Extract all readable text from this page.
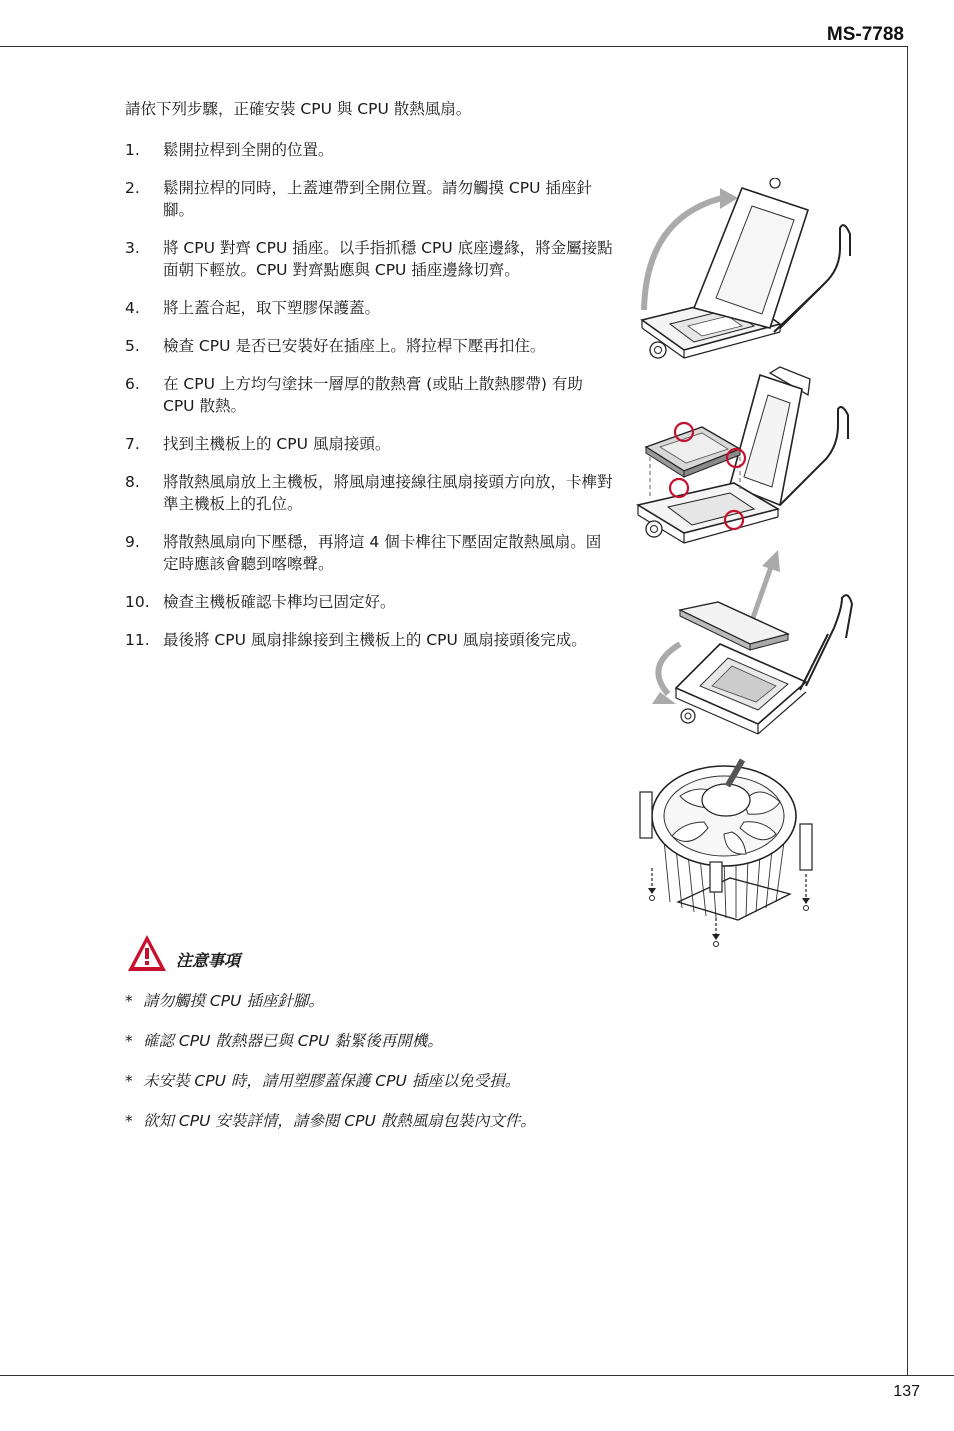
MS-7788
請依下列步驟，正確安裝 CPU 與 CPU 散熱風扇。
1.	鬆開拉桿到全開的位置。
2.	鬆開拉桿的同時，上蓋連帶到全開位置。請勿觸摸 CPU 插座針腳。
3.	將 CPU 對齊 CPU 插座。以手指抓穩 CPU 底座邊緣，將金屬接點面朝下輕放。CPU 對齊點應與 CPU 插座邊緣切齊。
4.	將上蓋合起，取下塑膠保護蓋。
5.	檢查 CPU 是否已安裝好在插座上。將拉桿下壓再扣住。
6.	在 CPU 上方均勻塗抹一層厚的散熱膏 (或貼上散熱膠帶) 有助 CPU 散熱。
7.	找到主機板上的 CPU 風扇接頭。
8.	將散熱風扇放上主機板，將風扇連接線往風扇接頭方向放，卡榫對準主機板上的孔位。
9.	將散熱風扇向下壓穩，再將這 4 個卡榫往下壓固定散熱風扇。固定時應該會聽到喀嚓聲。
10. 檢查主機板確認卡榫均已固定好。
11. 最後將 CPU 風扇排線接到主機板上的 CPU 風扇接頭後完成。
注意事項
* 請勿觸摸 CPU 插座針腳。
* 確認 CPU 散熱器已與 CPU 黏緊後再開機。
* 未安裝 CPU 時，請用塑膠蓋保護 CPU 插座以免受損。
* 欲知 CPU 安裝詳情，請參閱 CPU 散熱風扇包裝內文件。
137
